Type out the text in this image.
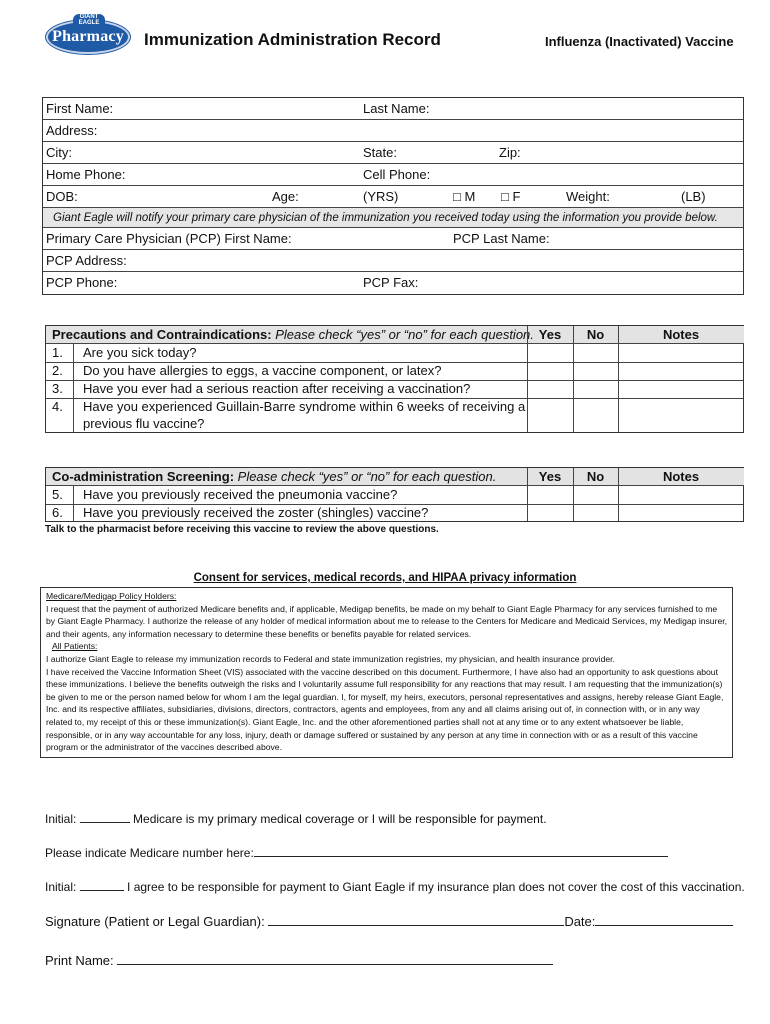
GIANT EAGLE
Pharmacy	Immunization Administration Record	Influenza (Inactivated) Vaccine
First Name:	Last Name:
Address:
City:	State:	Zip:
Home Phone:	Cell Phone:
DOB:	Age:	(YRS)	□ M □ F	Weight:	(LB)
Giant Eagle will notify your primary care physician of the immunization you received today using the information you provide below.
Primary Care Physician (PCP) First Name:	PCP Last Name:
PCP Address:
PCP Phone:	PCP Fax:
Precautions and Contraindications: Please check “yes” or “no” for each question. Yes	No	Notes
1. Are you sick today?
2. Do you have allergies to eggs, a vaccine component, or latex?
3. Have you ever had a serious reaction after receiving a vaccination?
4. Have you experienced Guillain-Barre syndrome within 6 weeks of receiving a
previous flu vaccine?
Co-administration Screening: Please check “yes” or “no” for each question.	Yes	No	Notes
5. Have you previously received the pneumonia vaccine?
6. Have you previously received the zoster (shingles) vaccine?
Talk to the pharmacist before receiving this vaccine to review the above questions.
Consent for services, medical records, and HIPAA privacy information
Medicare/Medigap Policy Holders:
I request that the payment of authorized Medicare benefits and, if applicable, Medigap benefits, be made on my behalf to Giant Eagle Pharmacy for any services furnished to me by Giant Eagle Pharmacy. I authorize the release of any holder of medical information about me to release to the Centers for Medicare and Medicaid Services, my Medigap insurer, and their agents, any information necessary to determine these benefits or benefits payable for related services.
All Patients:
I authorize Giant Eagle to release my immunization records to Federal and state immunization registries, my physician, and health insurance provider.
I have received the Vaccine Information Sheet (VIS) associated with the vaccine described on this document. Furthermore, I have also had an opportunity to ask questions about these immunizations. I believe the benefits outweigh the risks and I voluntarily assume full responsibility for any reactions that may result. I am requesting that the immunization(s) be given to me or the person named below for whom I am the legal guardian. I, for myself, my heirs, executors, personal representatives and assigns, hereby release Giant Eagle, Inc. and its respective affiliates, subsidiaries, divisions, directors, contractors, agents and employees, from any and all claims arising out of, in connection with, or in any way related to, my receipt of this or these immunization(s). Giant Eagle, Inc. and the other aforementioned parties shall not at any time or to any extent whatsoever be liable, responsible, or in any way accountable for any loss, injury, death or damage suffered or sustained by any person at any time in connection with or as a result of this vaccine program or the administrator of the vaccines described above.
Initial:	Medicare is my primary medical coverage or I will be responsible for payment.
Please indicate Medicare number here:
Initial:	I agree to be responsible for payment to Giant Eagle if my insurance plan does not cover the cost of this vaccination.
Signature (Patient or Legal Guardian):	Date:
Print Name:
